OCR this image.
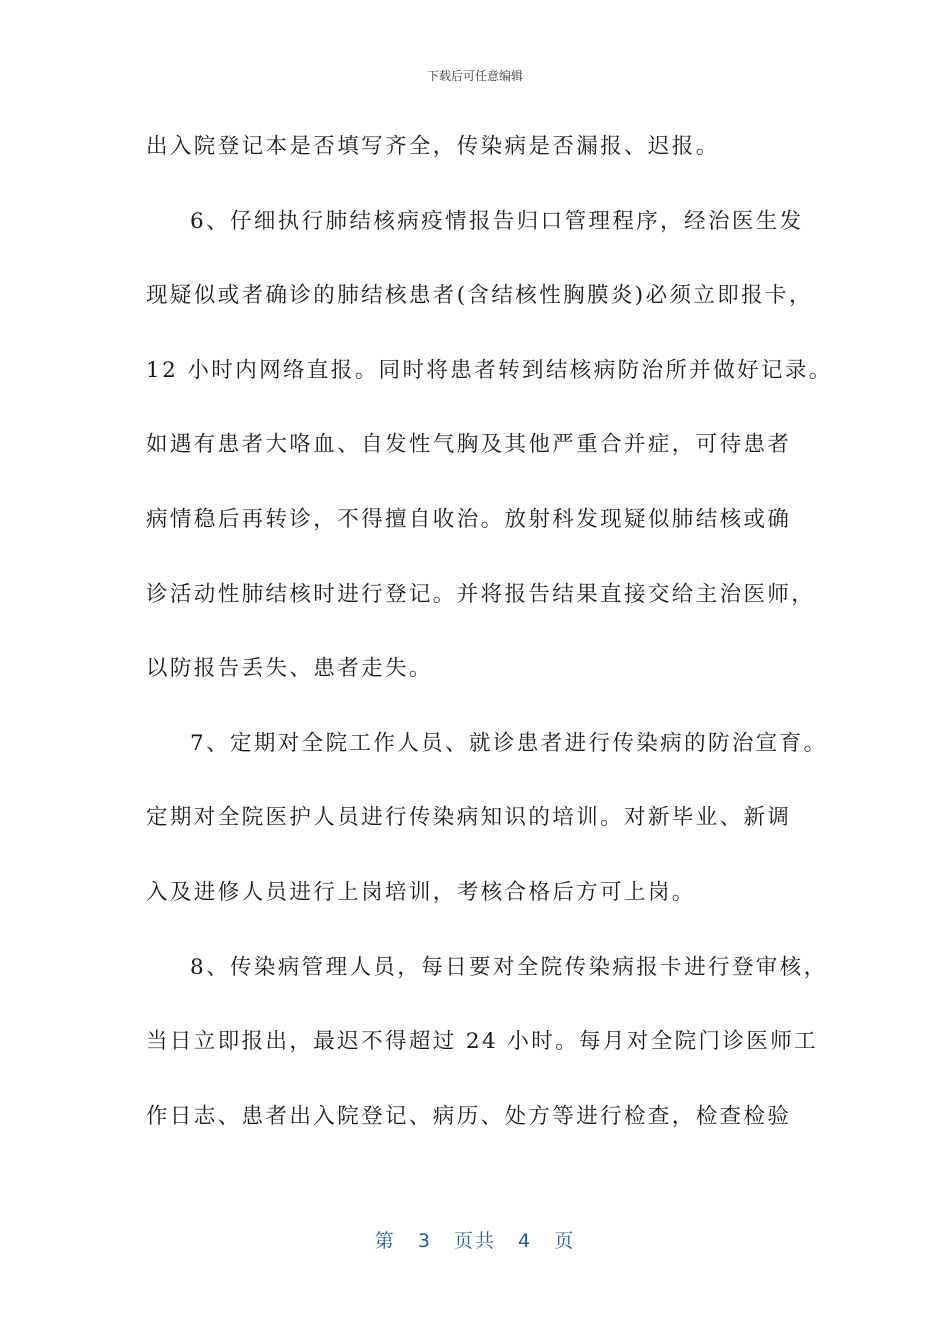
下载后可任意编辑
出入院登记本是否填写齐全，传染病是否漏报、迟报。
6、仔细执行肺结核病疫情报告归口管理程序，经治医生发
现疑似或者确诊的肺结核患者(含结核性胸膜炎)必须立即报卡，
12 小时内网络直报。同时将患者转到结核病防治所并做好记录。
如遇有患者大咯血、自发性气胸及其他严重合并症，可待患者
病情稳后再转诊，不得擅自收治。放射科发现疑似肺结核或确
诊活动性肺结核时进行登记。并将报告结果直接交给主治医师，
以防报告丢失、患者走失。
7、定期对全院工作人员、就诊患者进行传染病的防治宣育。
定期对全院医护人员进行传染病知识的培训。对新毕业、新调
入及进修人员进行上岗培训，考核合格后方可上岗。
8、传染病管理人员，每日要对全院传染病报卡进行登审核，
当日立即报出，最迟不得超过 24 小时。每月对全院门诊医师工
作日志、患者出入院登记、病历、处方等进行检查，检查检验
第 3 页共 4 页
